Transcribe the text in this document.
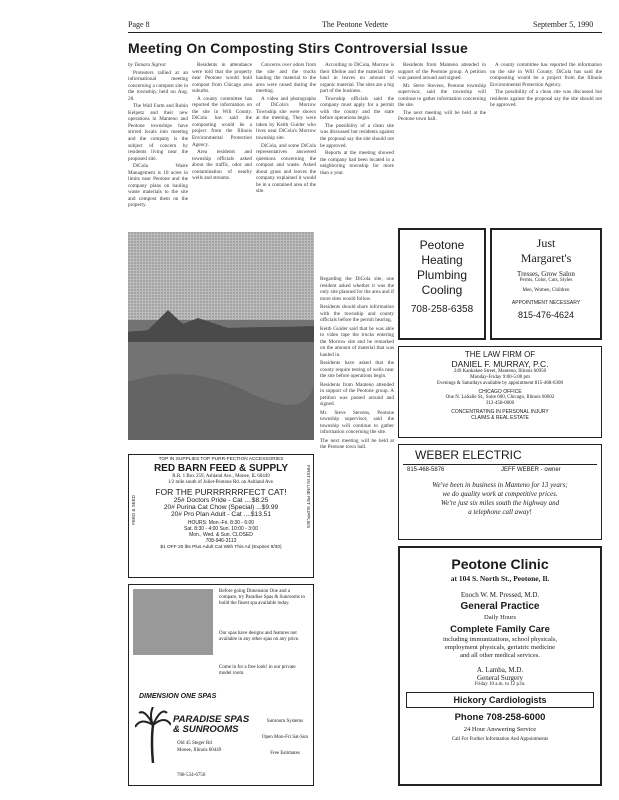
Page 8	The Peotone Vedette	September 5, 1990
Meeting On Composting Stirs Controversial Issue

by Tamara Sigrest

Protesters rallied at an informational meeting concerning a compost site in the township, held on Aug. 28.

The Wall Farm and Rubin Kelpetz and their new operations in Manteno and Peotone townships have stirred locals into meeting and the company is the subject of concern by residents living near the proposed site.

DiCola Waste Management is 10 acres in limits near Peotone and the company plans on hauling waste materials to the site and compost them on the property.

Residents in attendance were told that the property near Peotone would hold compost from Chicago area suburbs.

A county committee has reported the information on the site in Will County. DiCola has said the composting would be a project from the Illinois Environmental Protection Agency.

Area residents and township officials asked about the traffic, odor and contamination of nearby wells and streams.

Concerns over odors from the site and the trucks hauling the material to the area were raised during the meeting.

A video and photographs of DiCola's Morrow Township site were shown at the meeting. They were taken by Keith Guider who lives near DiCola's Morrow township site.

DiCola, and some DiCola representatives answered questions concerning the compost and waste. Asked about grass and leaves the company explained it would be in a contained area of the site.

According to DiCola, Morrow is their lifeline and the material they haul in leaves no amount of organic material. The sites are a big part of the business.

Township officials said the company must apply for a permit with the county and the state before operations begin.

The possibility of a clean site was discussed but residents against the proposal say the site should not be approved.

Reports at the meeting showed the company had been located in a neighboring township for more than a year.

Residents from Manteno attended in support of the Peotone group. A petition was passed around and signed.

Mr. Steve Stevens, Peotone township supervisor, said the township will continue to gather information concerning the site.

The next meeting will be held at the Peotone town hall.

A county committee has reported the information on the site in Will County. DiCola has said the composting would be a project from the Illinois Environmental Protection Agency.

The possibility of a clean site was discussed but residents against the proposal say the site should not be approved.

Regarding the DiCola site, one resident asked whether it was the only site planned for the area and if more sites would follow.

Residents should share information with the township and county officials before the permit hearing.

Keith Guider said that he was able to video tape the trucks entering the Morrow site and he remarked on the amount of material that was hauled in.

Residents have asked that the county require testing of wells near the site before operations begin.

Residents from Manteno attended in support of the Peotone group. A petition was passed around and signed.

Mr. Steve Stevens, Peotone township supervisor, said the township will continue to gather information concerning the site.

The next meeting will be held at the Peotone town hall.

TOP IN SUPPLIES TOP PURR-FECTION ACCESSORIES
RED BARN FEED & SUPPLY
R.R. 1 Box 259, Ashland Ave., Monee, IL 60449
1/2 mile south of Joliet-Peotone Rd. on Ashland Ave.
FOR THE PURRRRRRFECT CAT!
25# Doctors Pride - Cat ....$8.25
20# Purina Cat Chow (Special) ...$9.99
20# Pro Plan Adult - Cat ....$13.51
HOURS: Mon.-Fri. 8:30 - 6:00
Sat. 8:30 - 4:00 Sun. 10:00 - 3:00
Mon., Wed. & Sun. CLOSED
708-946-3113
$1 OFF 20 lbs Plus Adult Cat With This Ad (Expires 9/30)
FEED & SEED	FIRST IN LINE PET SUPPLIES
Before going Dimension One and a compare, try Paradise Spas & Sunrooms to build the finest spa available today.
Our spas have designs and features not available in any other spas on any price.
Come in for a free look! in our private model room.
DIMENSION ONE SPAS
PARADISE SPAS & SUNROOMS
Old 45 Steger Rd
Monee, Illinois 60449
708-534-6750
Sunroom Systems
Open Mon-Fri Sat-Sun
Free Estimates
Peotone
Heating
Plumbing
Cooling
708-258-6358
Just
Margaret's
Tresses, Grow Salon
Perms, Color, Cuts, Styles
Men, Women, Children
APPOINTMENT NECESSARY
815-476-4624
THE LAW FIRM OF
DANIEL F. MURRAY, P.C.
249 Kankakee Street, Manteno, Illinois 60950
Monday-Friday 9:00-5:00 pm
Evenings & Saturdays available by appointment 815-468-6300
CHICAGO OFFICE
One N. LaSalle St., Suite 600, Chicago, Illinois 60602
312-458-0000
CONCENTRATING IN PERSONAL INJURY
CLAIMS & REAL ESTATE
WEBER ELECTRIC
815-468-5876	JEFF WEBER - owner
We've been in business in Manteno for 13 years;
we do quality work at competitive prices.
We're just six miles south the highway and
a telephone call away!
Peotone Clinic
at 104 S. North St., Peotone, Il.
Enoch W. M. Pressed, M.D.
General Practice
Daily Hours
Complete Family Care
including immunizations, school physicals,
employment physicals, geriatric medicine
and all other medical services.
A. Lamba, M.D.
General Surgery
Friday 10 a.m. to 12 p.m.
Hickory Cardiologists
Phone 708-258-6000
24 Hour Answering Service
Call For Further Information And Appointments
